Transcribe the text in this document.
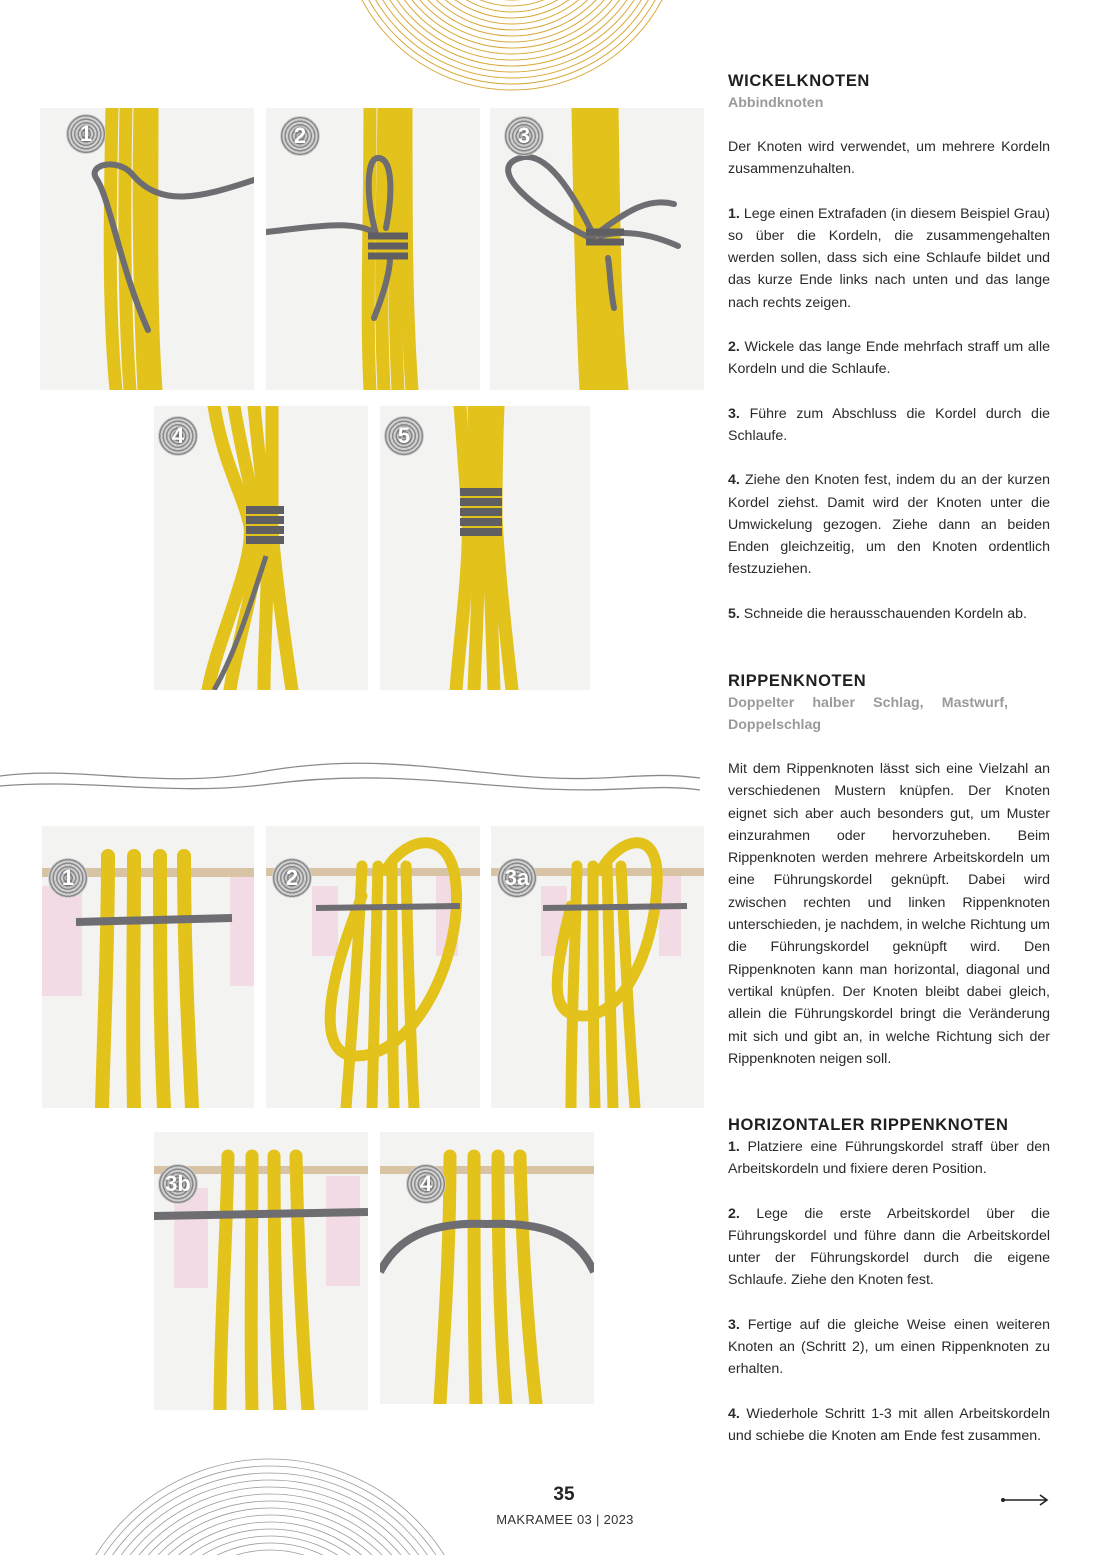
1	2	3
4	5
1	2	3a
3b	4

WICKELKNOTEN

Abbindknoten

Der Knoten wird verwendet, um mehrere Kordeln zusammenzuhalten.

1. Lege einen Extrafaden (in diesem Beispiel Grau) so über die Kordeln, die zusammengehalten werden sollen, dass sich eine Schlaufe bildet und das kurze Ende links nach unten und das lange nach rechts zeigen.

2. Wickele das lange Ende mehrfach straff um alle Kordeln und die Schlaufe.

3. Führe zum Abschluss die Kordel durch die Schlaufe.

4. Ziehe den Knoten fest, indem du an der kurzen Kordel ziehst. Damit wird der Knoten unter die Umwickelung gezogen. Ziehe dann an beiden Enden gleichzeitig, um den Knoten ordentlich festzuziehen.

5. Schneide die herausschauenden Kordeln ab.

RIPPENKNOTEN

Doppelter halber Schlag, Mastwurf, Doppelschlag

Mit dem Rippenknoten lässt sich eine Vielzahl an verschiedenen Mustern knüpfen. Der Knoten eignet sich aber auch besonders gut, um Muster einzurahmen oder hervorzuheben. Beim Rippenknoten werden mehrere Arbeitskordeln um eine Führungskordel geknüpft. Dabei wird zwischen rechten und linken Rippenknoten unterschieden, je nachdem, in welche Richtung um die Führungskordel geknüpft wird. Den Rippenknoten kann man horizontal, diagonal und vertikal knüpfen. Der Knoten bleibt dabei gleich, allein die Führungskordel bringt die Veränderung mit sich und gibt an, in welche Richtung sich der Rippenknoten neigen soll.

HORIZONTALER RIPPENKNOTEN

1. Platziere eine Führungskordel straff über den Arbeitskordeln und fixiere deren Position.

2. Lege die erste Arbeitskordel über die Führungskordel und führe dann die Arbeitskordel unter der Führungskordel durch die eigene Schlaufe. Ziehe den Knoten fest.

3. Fertige auf die gleiche Weise einen weiteren Knoten an (Schritt 2), um einen Rippenknoten zu erhalten.

4. Wiederhole Schritt 1-3 mit allen Arbeitskordeln und schiebe die Knoten am Ende fest zusammen.

35
MAKRAMEE 03 | 2023
